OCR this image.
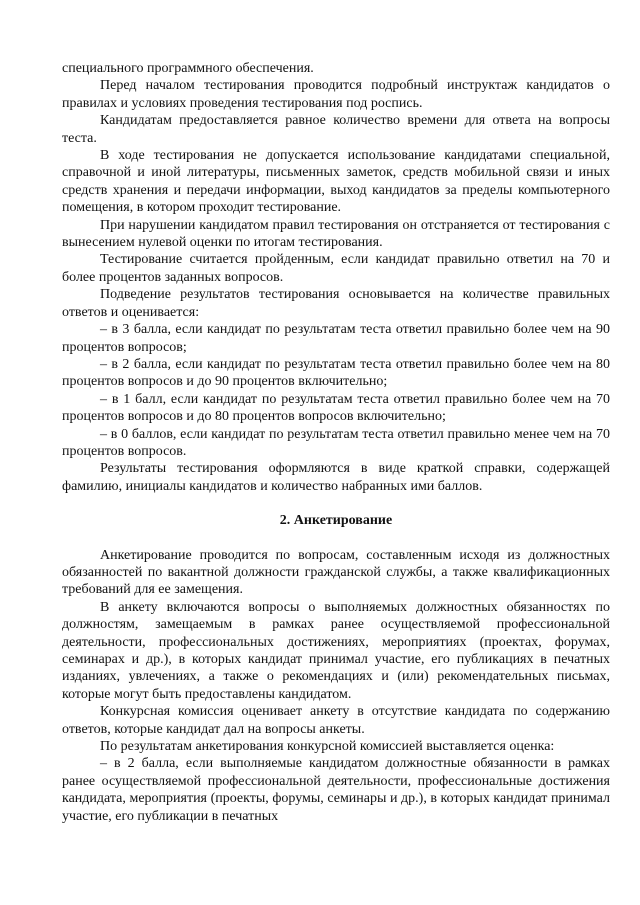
специального программного обеспечения.

Перед началом тестирования проводится подробный инструктаж кандидатов о правилах и условиях проведения тестирования под роспись.

Кандидатам предоставляется равное количество времени для ответа на вопросы теста.

В ходе тестирования не допускается использование кандидатами специальной, справочной и иной литературы, письменных заметок, средств мобильной связи и иных средств хранения и передачи информации, выход кандидатов за пределы компьютерного помещения, в котором проходит тестирование.

При нарушении кандидатом правил тестирования он отстраняется от тестирования с вынесением нулевой оценки по итогам тестирования.

Тестирование считается пройденным, если кандидат правильно ответил на 70 и более процентов заданных вопросов.

Подведение результатов тестирования основывается на количестве правильных ответов и оценивается:

– в 3 балла, если кандидат по результатам теста ответил правильно более чем на 90 процентов вопросов;

– в 2 балла, если кандидат по результатам теста ответил правильно более чем на 80 процентов вопросов и до 90 процентов включительно;

– в 1 балл, если кандидат по результатам теста ответил правильно более чем на 70 процентов вопросов и до 80 процентов вопросов включительно;

– в 0 баллов, если кандидат по результатам теста ответил правильно менее чем на 70 процентов вопросов.

Результаты тестирования оформляются в виде краткой справки, содержащей фамилию, инициалы кандидатов и количество набранных ими баллов.

2. Анкетирование

Анкетирование проводится по вопросам, составленным исходя из должностных обязанностей по вакантной должности гражданской службы, а также квалификационных требований для ее замещения.

В анкету включаются вопросы о выполняемых должностных обязанностях по должностям, замещаемым в рамках ранее осуществляемой профессиональной деятельности, профессиональных достижениях, мероприятиях (проектах, форумах, семинарах и др.), в которых кандидат принимал участие, его публикациях в печатных изданиях, увлечениях, а также о рекомендациях и (или) рекомендательных письмах, которые могут быть предоставлены кандидатом.

Конкурсная комиссия оценивает анкету в отсутствие кандидата по содержанию ответов, которые кандидат дал на вопросы анкеты.

По результатам анкетирования конкурсной комиссией выставляется оценка:

– в 2 балла, если выполняемые кандидатом должностные обязанности в рамках ранее осуществляемой профессиональной деятельности, профессиональные достижения кандидата, мероприятия (проекты, форумы, семинары и др.), в которых кандидат принимал участие, его публикации в печатных
